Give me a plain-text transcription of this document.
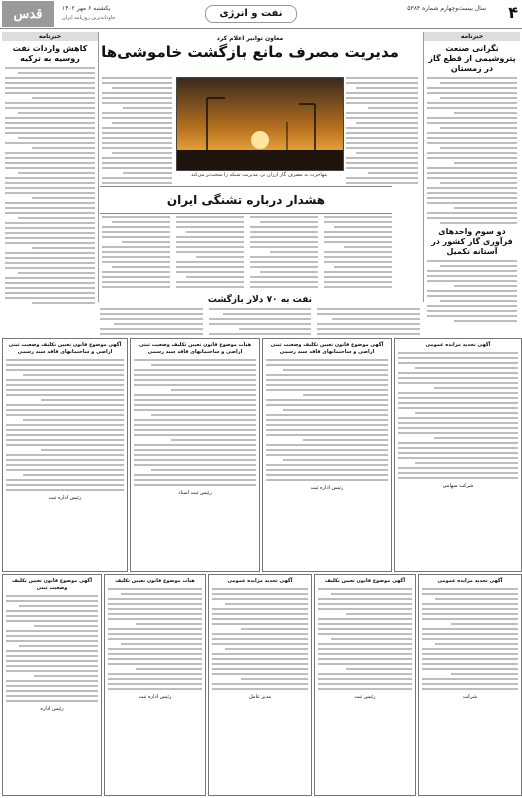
قدس	۴
نفت و انرژی	سال بیست‌وچهارم شماره ۵۳۸۴
یکشنبه ۶ مهر ۱۴۰۲
جاودانه‌ترین روزنامه ایران
خبرنامه
نگرانی صنعت پتروشیمی از قطع گاز در زمستان
دو سوم واحدهای فرآوری گاز کشور در آستانه تکمیل
خبرنامه
کاهش واردات نفت روسیه به ترکیه
معاون توانیر اعلام کرد
مدیریت مصرف مانع بازگشت خاموشی‌ها
مهاجرت به مصرف گاز ارزان تر، مدیریت شبکه را سخت‌تر می‌کند
هشدار درباره تشنگی ایران
نفت به ۷۰ دلار بازگشت
آگهی موضوع قانون تعیین تکلیف وضعیت ثبتی اراضی و ساختمانهای فاقد سند رسمی
رئیس اداره ثبت
هیات موضوع قانون تعیین تکلیف وضعیت ثبتی اراضی و ساختمانهای فاقد سند رسمی
رئیس ثبت اسناد
آگهی موضوع قانون تعیین تکلیف وضعیت ثبتی اراضی و ساختمانهای فاقد سند رسمی
رئیس اداره ثبت
آگهی تجدید مزایده عمومی
شرکت سهامی
آگهی موضوع قانون تعیین تکلیف وضعیت ثبتی
رئیس اداره
هیات موضوع قانون تعیین تکلیف
رئیس اداره ثبت
آگهی تجدید مزایده عمومی
مدیر عامل
آگهی موضوع قانون تعیین تکلیف
رئیس ثبت
آگهی تجدید مزایده عمومی
شرکت
